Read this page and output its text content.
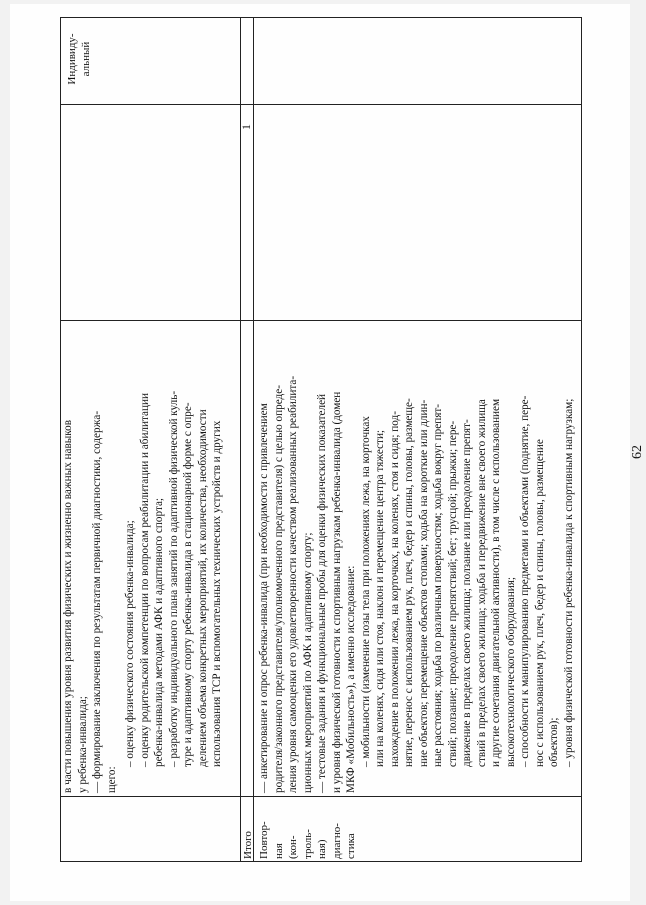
62

в части повышения уровня развития физических и жизненно важных навыков у ребенка-инвалида; — формирование заключения по результатам первичной диагностики, содержа- щего:

– оценку физического состояния ребенка-инвалида; – оценку родительской компетенции по вопросам реабилитации и абилитации ребенка-инвалида методами АФК и адаптивного спорта; – разработку индивидуального плана занятий по адаптивной физической куль- туре и адаптивному спорту ребенка-инвалида в стационарной форме с опре- делением объема конкретных мероприятий, их количества, необходимости использования ТСР и вспомогательных технических устройств и других

Итого
1
Повтор- ная (кон- троль- ная) диагно- стика

— анкетирование и опрос ребенка-инвалида (при необходимости с привлечением родителя/законного представителя/уполномоченного представителя) с целью опреде- ления уровня самооценки его удовлетворенности качеством реализованных реабилита- ционных мероприятий по АФК и адаптивному спорту; — тестовые задания и функциональные пробы для оценки физических показателей и уровня физической готовности к спортивным нагрузкам ребенка-инвалида (домен МКФ «Мобильность»), а именно исследование: – мобильности (изменение позы тела при положениях лежа, на корточках или на коленях, сидя или стоя, наклон и перемещение центра тяжести; нахождение в положении лежа, на корточках, на коленях, стоя и сидя; под- нятие, перенос с использованием рук, плеч, бедер и спины, головы, размеще- ние объектов; перемещение объектов стопами; ходьба на короткие или длин- ные расстояния; ходьба по различным поверхностям; ходьба вокруг препят- ствий; ползание; преодоление препятствий; бег; трусцой; прыжки; пере- движение в пределах своего жилища; ползание или преодоление препят- ствий в пределах своего жилища; ходьба и передвижение вне своего жилища и другие сочетания двигательной активности), в том числе с использованием высокотехнологического оборудования; – способности к манипулированию предметами и объектами (поднятие, пере- нос с использованием рук, плеч, бедер и спины, головы, размещение объектов); – уровня физической готовности ребенка-инвалида к спортивным нагрузкам;

Индивиду- альный
